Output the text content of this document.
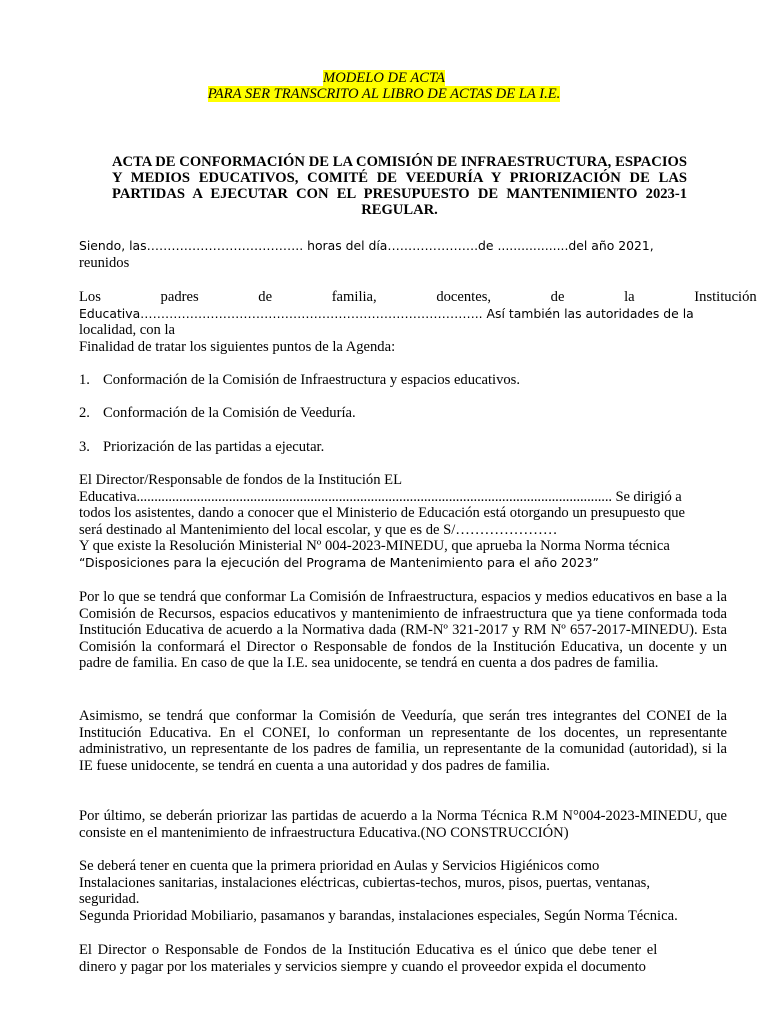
MODELO DE ACTA
PARA SER TRANSCRITO AL LIBRO DE ACTAS DE LA I.E.
ACTA DE CONFORMACIÓN DE LA COMISIÓN DE INFRAESTRUCTURA, ESPACIOS Y MEDIOS EDUCATIVOS, COMITÉ DE VEEDURÍA Y PRIORIZACIÓN DE LAS PARTIDAS A EJECUTAR CON EL PRESUPUESTO DE MANTENIMIENTO 2023-1 REGULAR.
Siendo, las……………………………….. horas del día………………….de ..................del año 2021,
reunidos
Los padres de familia, docentes, de la Institución
Educativa……………………………………………………………………….. Así también las autoridades de la
localidad, con la
Finalidad de tratar los siguientes puntos de la Agenda:
1. Conformación de la Comisión de Infraestructura y espacios educativos.
2. Conformación de la Comisión de Veeduría.
3. Priorización de las partidas a ejecutar.
El Director/Responsable de fondos de la Institución EL
Educativa...................................................................................................................................... Se dirigió a
todos los asistentes, dando a conocer que el Ministerio de Educación está otorgando un presupuesto que
será destinado al Mantenimiento del local escolar, y que es de S/…………………
Y que existe la Resolución Ministerial Nº 004-2023-MINEDU, que aprueba la Norma Norma técnica
“Disposiciones para la ejecución del Programa de Mantenimiento para el año 2023”
Por lo que se tendrá que conformar La Comisión de Infraestructura, espacios y medios educativos en base a la Comisión de Recursos, espacios educativos y mantenimiento de infraestructura que ya tiene conformada toda Institución Educativa de acuerdo a la Normativa dada (RM-Nº 321-2017 y RM Nº 657-2017-MINEDU). Esta Comisión la conformará el Director o Responsable de fondos de la Institución Educativa, un docente y un padre de familia. En caso de que la I.E. sea unidocente, se tendrá en cuenta a dos padres de familia.
Asimismo, se tendrá que conformar la Comisión de Veeduría, que serán tres integrantes del CONEI de la Institución Educativa. En el CONEI, lo conforman un representante de los docentes, un representante administrativo, un representante de los padres de familia, un representante de la comunidad (autoridad), si la IE fuese unidocente, se tendrá en cuenta a una autoridad y dos padres de familia.
Por último, se deberán priorizar las partidas de acuerdo a la Norma Técnica R.M N°004-2023-MINEDU, que consiste en el mantenimiento de infraestructura Educativa.(NO CONSTRUCCIÓN)
Se deberá tener en cuenta que la primera prioridad en Aulas y Servicios Higiénicos como
Instalaciones sanitarias, instalaciones eléctricas, cubiertas-techos, muros, pisos, puertas, ventanas,
seguridad.
Segunda Prioridad Mobiliario, pasamanos y barandas, instalaciones especiales, Según Norma Técnica.
El Director o Responsable de Fondos de la Institución Educativa es el único que debe tener el
dinero y pagar por los materiales y servicios siempre y cuando el proveedor expida el documento
